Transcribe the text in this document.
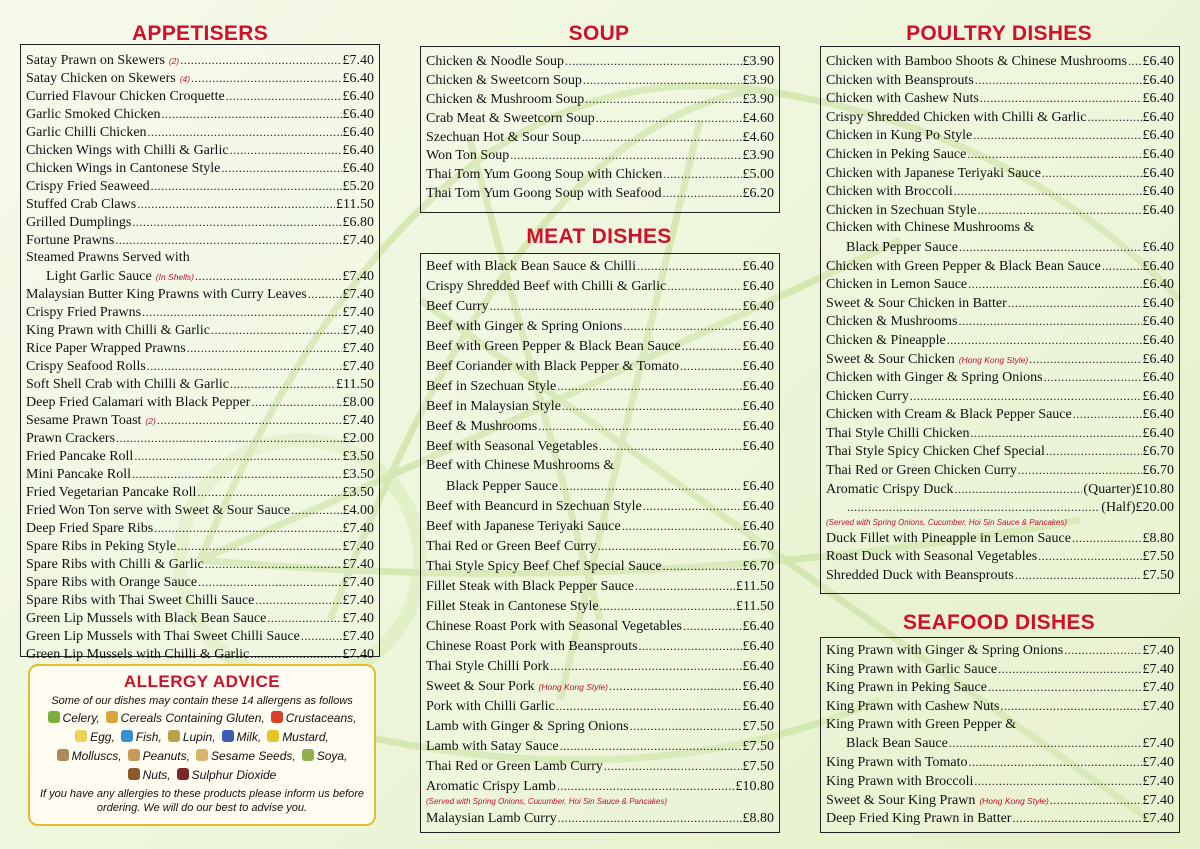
APPETISERS	SOUP
MEAT DISHES
POULTRY DISHES
SEAFOOD DISHES
Satay Prawn on Skewers (2) .....	£7.40
Satay Chicken on Skewers (4) .....	£6.40
Curried Flavour Chicken Croquette .....	£6.40
Garlic Smoked Chicken .....	£6.40
Garlic Chilli Chicken .....	£6.40
Chicken Wings with Chilli & Garlic .....	£6.40
Chicken Wings in Cantonese Style .....	£6.40
Crispy Fried Seaweed .....	£5.20
Stuffed Crab Claws .....	£11.50
Grilled Dumplings .....	£6.80
Fortune Prawns .....	£7.40
Steamed Prawns Served with
Light Garlic Sauce (In Shells) .....	£7.40
Malaysian Butter King Prawns with Curry Leaves .....	£7.40
Crispy Fried Prawns .....	£7.40
King Prawn with Chilli & Garlic .....	£7.40
Rice Paper Wrapped Prawns .....	£7.40
Crispy Seafood Rolls .....	£7.40
Soft Shell Crab with Chilli & Garlic .....	£11.50
Deep Fried Calamari with Black Pepper .....	£8.00
Sesame Prawn Toast (2) .....	£7.40
Prawn Crackers .....	£2.00
Fried Pancake Roll .....	£3.50
Mini Pancake Roll .....	£3.50
Fried Vegetarian Pancake Roll .....	£3.50
Fried Won Ton serve with Sweet & Sour Sauce .....	£4.00
Deep Fried Spare Ribs .....	£7.40
Spare Ribs in Peking Style .....	£7.40
Spare Ribs with Chilli & Garlic .....	£7.40
Spare Ribs with Orange Sauce .....	£7.40
Spare Ribs with Thai Sweet Chilli Sauce .....	£7.40
Green Lip Mussels with Black Bean Sauce .....	£7.40
Green Lip Mussels with Thai Sweet Chilli Sauce .....	£7.40
Green Lip Mussels with Chilli & Garlic .....	£7.40
Chicken & Noodle Soup .....	£3.90
Chicken & Sweetcorn Soup .....	£3.90
Chicken & Mushroom Soup .....	£3.90
Crab Meat & Sweetcorn Soup .....	£4.60
Szechuan Hot & Sour Soup .....	£4.60
Won Ton Soup .....	£3.90
Thai Tom Yum Goong Soup with Chicken .....	£5.00
Thai Tom Yum Goong Soup with Seafood .....	£6.20
Beef with Black Bean Sauce & Chilli .....	£6.40
Crispy Shredded Beef with Chilli & Garlic .....	£6.40
Beef Curry .....	£6.40
Beef with Ginger & Spring Onions .....	£6.40
Beef with Green Pepper & Black Bean Sauce .....	£6.40
Beef Coriander with Black Pepper & Tomato .....	£6.40
Beef in Szechuan Style .....	£6.40
Beef in Malaysian Style .....	£6.40
Beef & Mushrooms .....	£6.40
Beef with Seasonal Vegetables .....	£6.40
Beef with Chinese Mushrooms &
Black Pepper Sauce .....	£6.40
Beef with Beancurd in Szechuan Style .....	£6.40
Beef with Japanese Teriyaki Sauce .....	£6.40
Thai Red or Green Beef Curry .....	£6.70
Thai Style Spicy Beef Chef Special Sauce .....	£6.70
Fillet Steak with Black Pepper Sauce .....	£11.50
Fillet Steak in Cantonese Style .....	£11.50
Chinese Roast Pork with Seasonal Vegetables .....	£6.40
Chinese Roast Pork with Beansprouts .....	£6.40
Thai Style Chilli Pork .....	£6.40
Sweet & Sour Pork (Hong Kong Style) .....	£6.40
Pork with Chilli Garlic .....	£6.40
Lamb with Ginger & Spring Onions .....	£7.50
Lamb with Satay Sauce .....	£7.50
Thai Red or Green Lamb Curry .....	£7.50
Aromatic Crispy Lamb .....	£10.80
(Served with Spring Onions, Cucumber, Hoi Sin Sauce & Pancakes)
Malaysian Lamb Curry .....	£8.80
Chicken with Bamboo Shoots & Chinese Mushrooms ..... £6.40
Chicken with Beansprouts .....	£6.40
Chicken with Cashew Nuts .....	£6.40
Crispy Shredded Chicken with Chilli & Garlic .....	£6.40
Chicken in Kung Po Style .....	£6.40
Chicken in Peking Sauce .....	£6.40
Chicken with Japanese Teriyaki Sauce .....	£6.40
Chicken with Broccoli .....	£6.40
Chicken in Szechuan Style .....	£6.40
Chicken with Chinese Mushrooms &
Black Pepper Sauce .....	£6.40
Chicken with Green Pepper & Black Bean Sauce .....	£6.40
Chicken in Lemon Sauce .....	£6.40
Sweet & Sour Chicken in Batter .....	£6.40
Chicken & Mushrooms .....	£6.40
Chicken & Pineapple .....	£6.40
Sweet & Sour Chicken (Hong Kong Style) .....	£6.40
Chicken with Ginger & Spring Onions .....	£6.40
Chicken Curry .....	£6.40
Chicken with Cream & Black Pepper Sauce .....	£6.40
Thai Style Chilli Chicken .....	£6.40
Thai Style Spicy Chicken Chef Special .....	£6.70
Thai Red or Green Chicken Curry .....	£6.70
Aromatic Crispy Duck .....	(Quarter) £10.80
.....
(Half) £20.00
(Served with Spring Onions, Cucumber, Hoi Sin Sauce & Pancakes)
Duck Fillet with Pineapple in Lemon Sauce .....	£8.80
Roast Duck with Seasonal Vegetables .....	£7.50
Shredded Duck with Beansprouts .....	£7.50
King Prawn with Ginger & Spring Onions .....	£7.40
King Prawn with Garlic Sauce .....	£7.40
King Prawn in Peking Sauce .....	£7.40
King Prawn with Cashew Nuts .....	£7.40
King Prawn with Green Pepper &
Black Bean Sauce .....	£7.40
King Prawn with Tomato .....	£7.40
King Prawn with Broccoli .....	£7.40
Sweet & Sour King Prawn (Hong Kong Style) .....	£7.40
Deep Fried King Prawn in Batter .....	£7.40
ALLERGY ADVICE
Some of our dishes may contain these 14 allergens as follows
Celery, Cereals Containing Gluten, Crustaceans,Egg, Fish, Lupin, Milk, Mustard,Molluscs, Peanuts, Sesame Seeds, Soya,Nuts, Sulphur Dioxide
If you have any allergies to these products please inform us before ordering. We will do our best to advise you.
